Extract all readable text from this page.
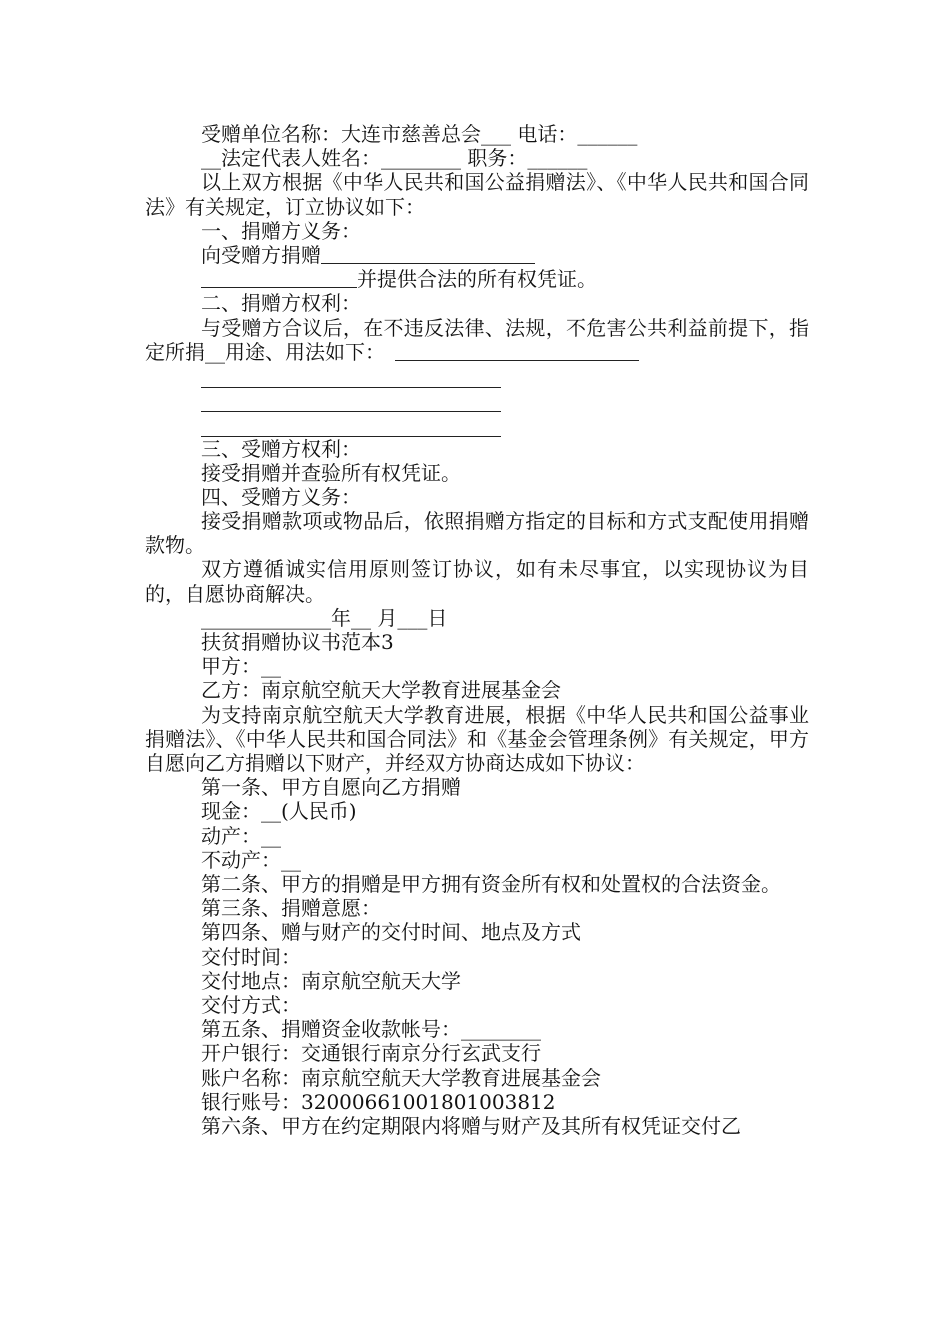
受赠单位名称：大连市慈善总会___ 电话：______
__法定代表人姓名：________ 职务：______
以上双方根据《中华人民共和国公益捐赠法》、《中华人民共和国合同法》有关规定，订立协议如下：
一、捐赠方义务：
向受赠方捐赠
并提供合法的所有权凭证。
二、捐赠方权利：
与受赠方合议后，在不违反法律、法规，不危害公共利益前提下，指定所捐__用途、用法如下：
三、受赠方权利：
接受捐赠并查验所有权凭证。
四、受赠方义务：
接受捐赠款项或物品后，依照捐赠方指定的目标和方式支配使用捐赠款物。
双方遵循诚实信用原则签订协议，如有未尽事宜，以实现协议为目的，自愿协商解决。
_____________年__ 月___日
扶贫捐赠协议书范本3
甲方：__
乙方：南京航空航天大学教育进展基金会
为支持南京航空航天大学教育进展，根据《中华人民共和国公益事业捐赠法》、《中华人民共和国合同法》和《基金会管理条例》有关规定，甲方自愿向乙方捐赠以下财产，并经双方协商达成如下协议：
第一条、甲方自愿向乙方捐赠
现金：__(人民币)
动产：__
不动产：__
第二条、甲方的捐赠是甲方拥有资金所有权和处置权的合法资金。
第三条、捐赠意愿：
第四条、赠与财产的交付时间、地点及方式
交付时间：
交付地点：南京航空航天大学
交付方式：
第五条、捐赠资金收款帐号：________
开户银行：交通银行南京分行玄武支行
账户名称：南京航空航天大学教育进展基金会
银行账号：32000661001801003812
第六条、甲方在约定期限内将赠与财产及其所有权凭证交付乙
